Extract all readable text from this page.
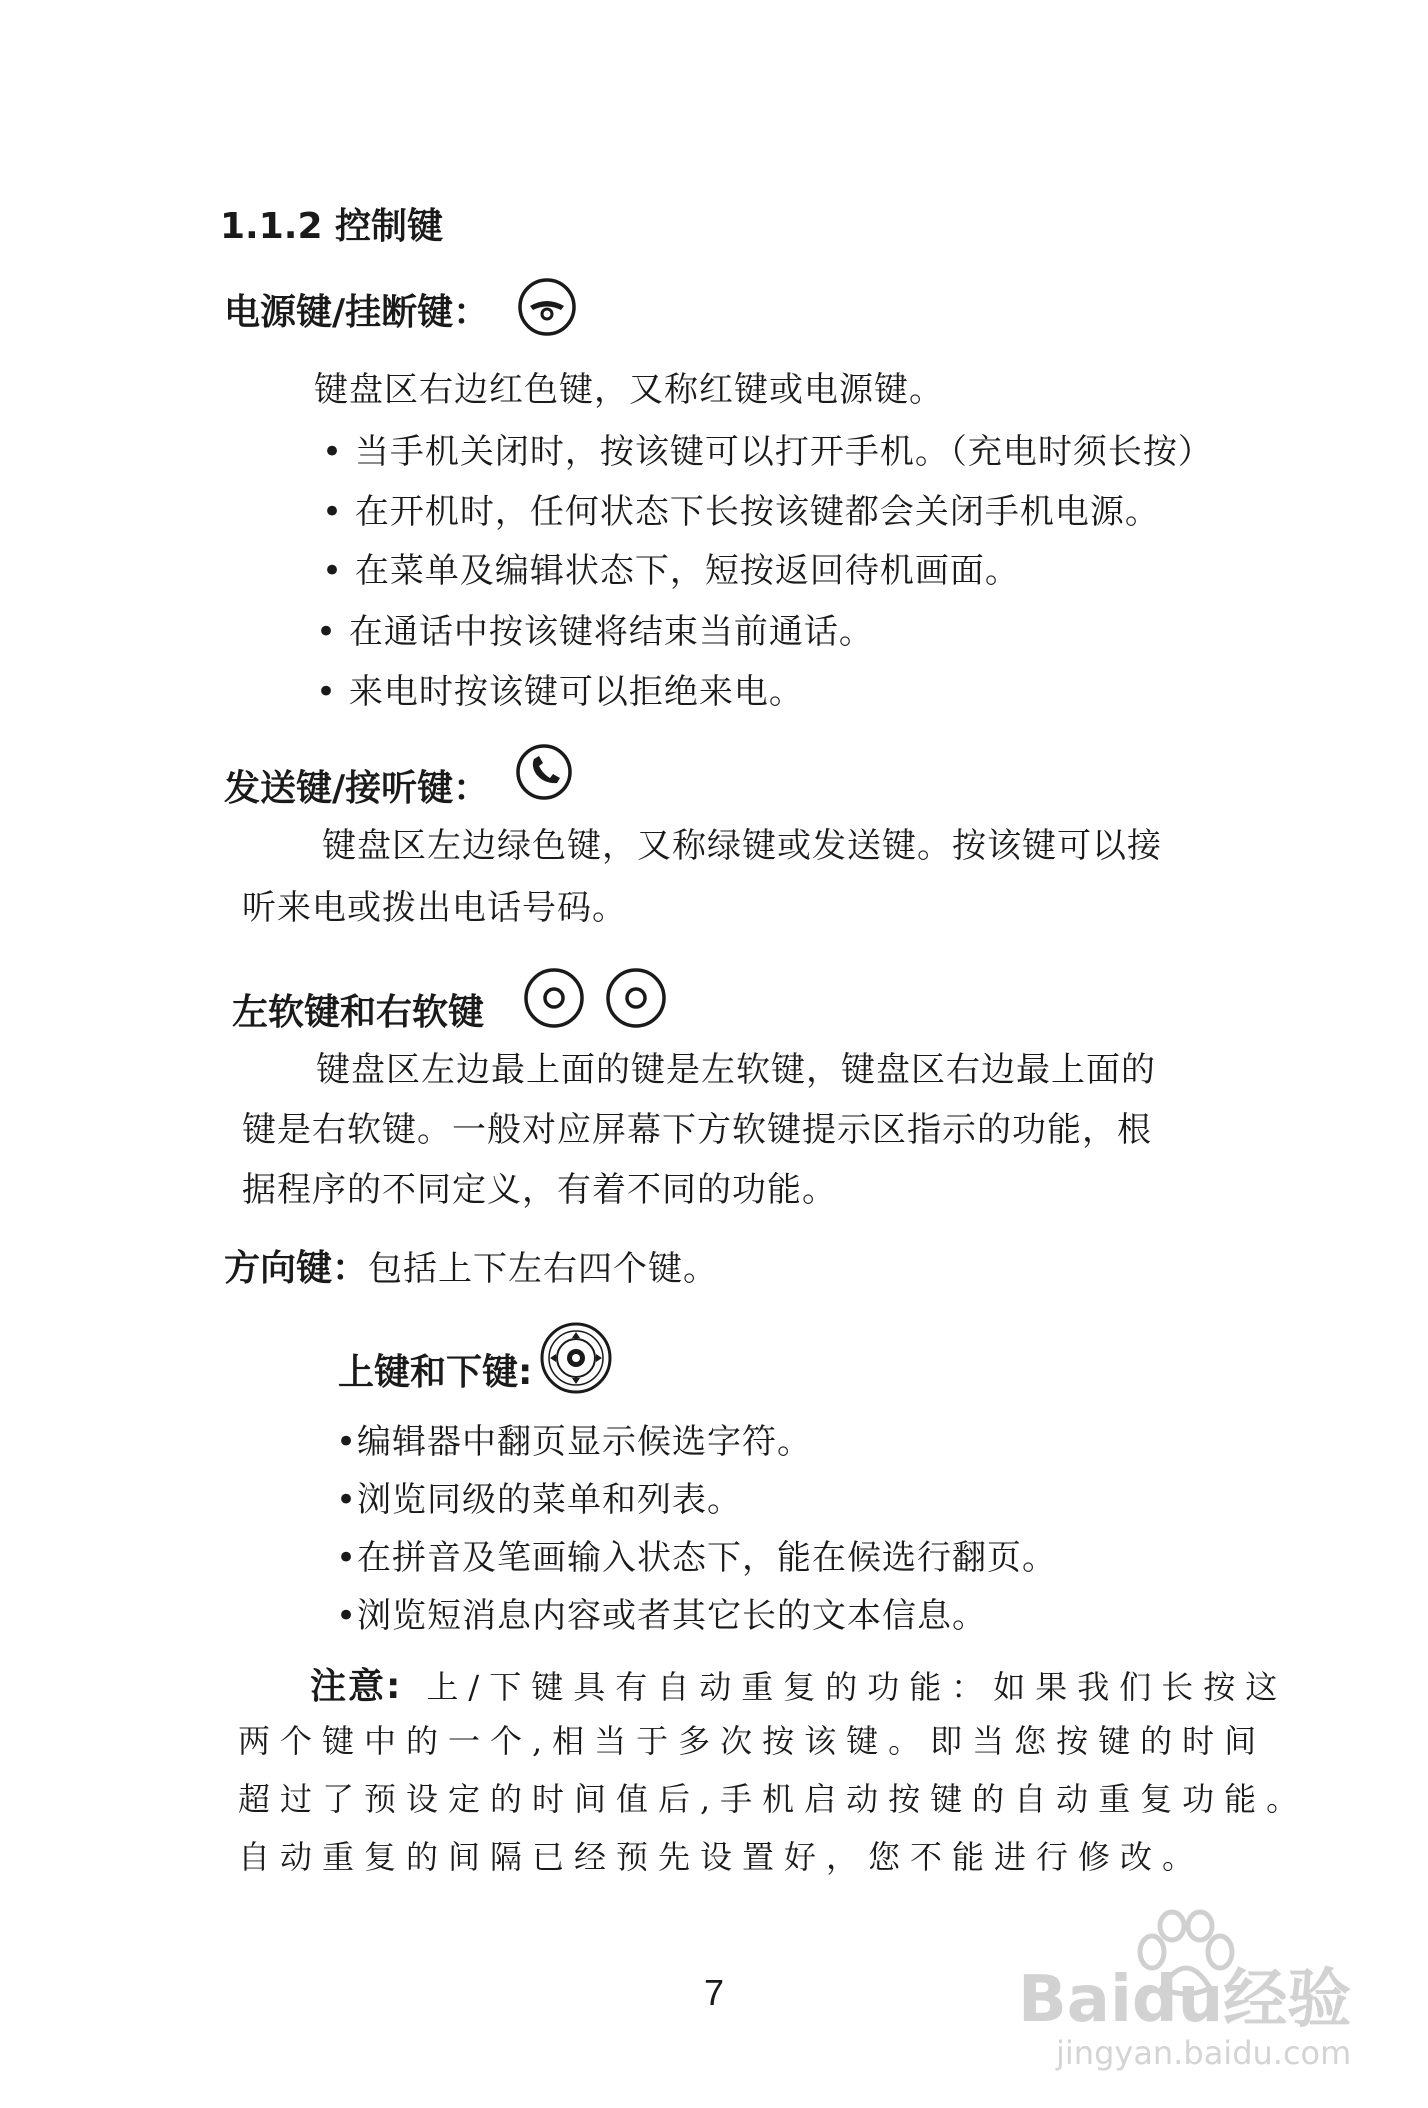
1.1.2 控制键
电源键/挂断键：
键盘区右边红色键，又称红键或电源键。
• 当手机关闭时，按该键可以打开手机。（充电时须长按）
• 在开机时，任何状态下长按该键都会关闭手机电源。
• 在菜单及编辑状态下，短按返回待机画面。
• 在通话中按该键将结束当前通话。
• 来电时按该键可以拒绝来电。
发送键/接听键：
键盘区左边绿色键，又称绿键或发送键。按该键可以接
听来电或拨出电话号码。
左软键和右软键
键盘区左边最上面的键是左软键，键盘区右边最上面的
键是右软键。一般对应屏幕下方软键提示区指示的功能，根
据程序的不同定义，有着不同的功能。
方向键：包括上下左右四个键。
上键和下键:
•编辑器中翻页显示候选字符。
•浏览同级的菜单和列表。
•在拼音及笔画输入状态下，能在候选行翻页。
•浏览短消息内容或者其它长的文本信息。
注意: 上/下键具有自动重复的功能：如果我们长按这
两个键中的一个,相当于多次按该键。即当您按键的时间
超过了预设定的时间值后,手机启动按键的自动重复功能。
自动重复的间隔已经预先设置好，您不能进行修改。
7	Baidu经验
jingyan.baidu.com
